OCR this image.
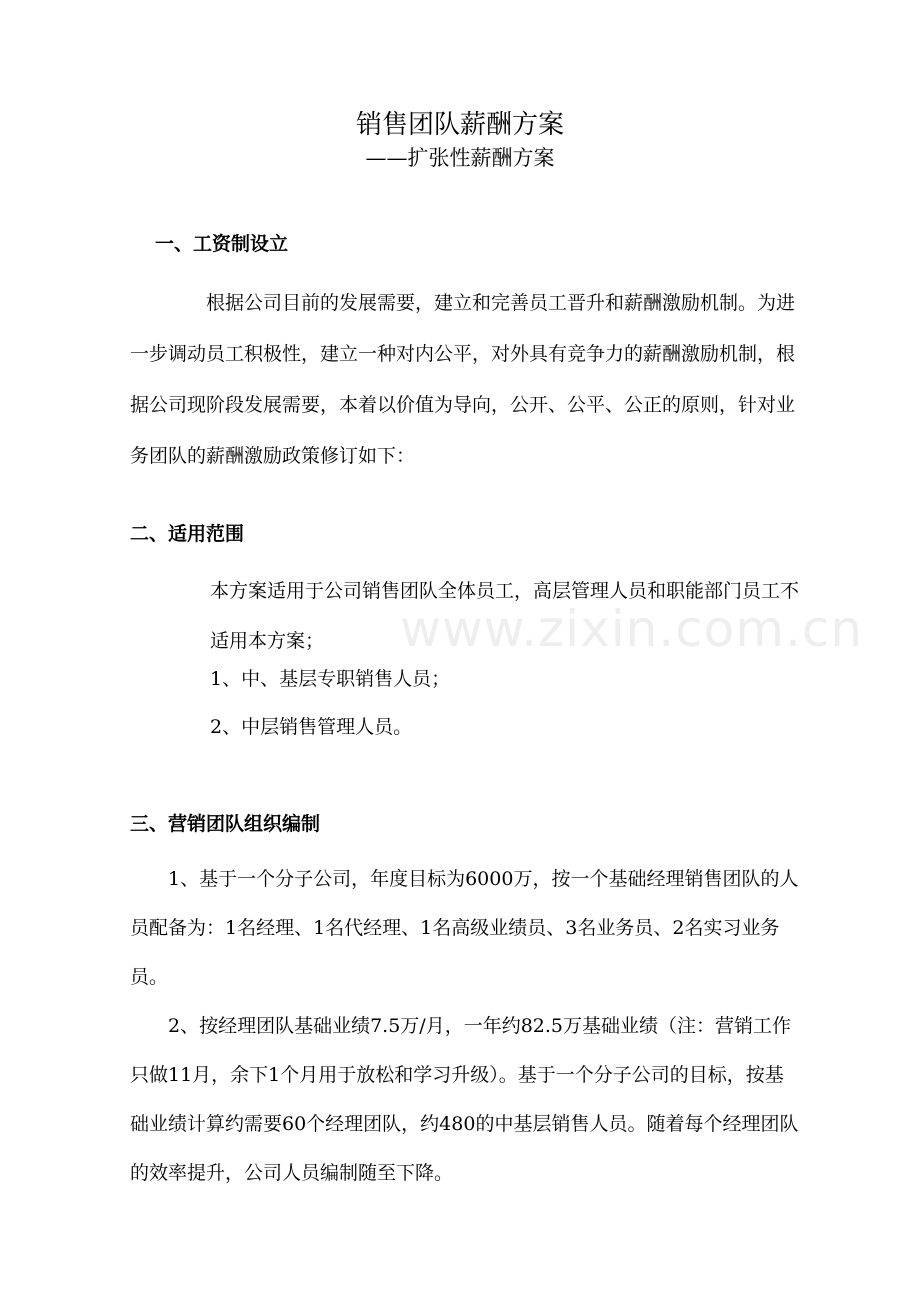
www.zixin.com.cn
销售团队薪酬方案
——扩张性薪酬方案
一、工资制设立
根据公司目前的发展需要，建立和完善员工晋升和薪酬激励机制。为进一步调动员工积极性，建立一种对内公平，对外具有竞争力的薪酬激励机制，根据公司现阶段发展需要，本着以价值为导向，公开、公平、公正的原则，针对业务团队的薪酬激励政策修订如下：
二、适用范围
本方案适用于公司销售团队全体员工，高层管理人员和职能部门员工不适用本方案；
1、中、基层专职销售人员；
2、中层销售管理人员。
三、营销团队组织编制
1、基于一个分子公司，年度目标为6000万，按一个基础经理销售团队的人员配备为：1名经理、1名代经理、1名高级业绩员、3名业务员、2名实习业务员。
2、按经理团队基础业绩7.5万/月，一年约82.5万基础业绩（注：营销工作只做11月，余下1个月用于放松和学习升级）。基于一个分子公司的目标，按基础业绩计算约需要60个经理团队，约480的中基层销售人员。随着每个经理团队的效率提升，公司人员编制随至下降。
